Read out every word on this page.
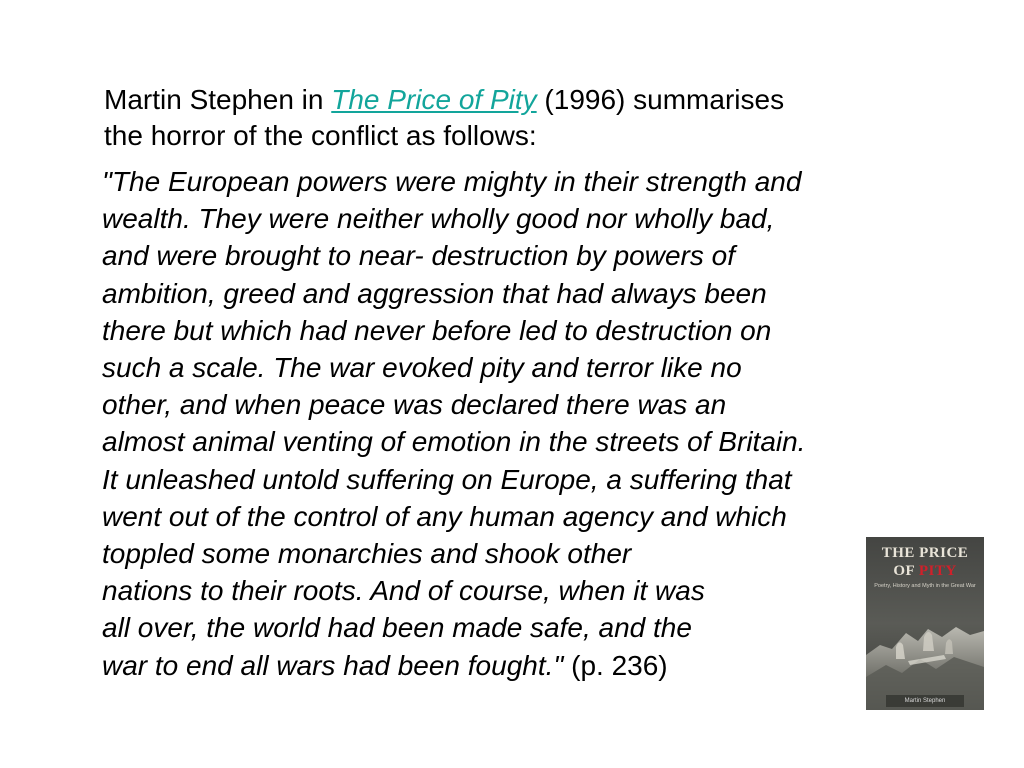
Martin Stephen in The Price of Pity (1996) summarises
the horror of the conflict as follows:

"The European powers were mighty in their strength and
wealth. They were neither wholly good nor wholly bad,
and were brought to near- destruction by powers of
ambition, greed and aggression that had always been
there but which had never before led to destruction on
such a scale. The war evoked pity and terror like no
other, and when peace was declared there was an
almost animal venting of emotion in the streets of Britain.
It unleashed untold suffering on Europe, a suffering that
went out of the control of any human agency and which
toppled some monarchies and shook other
nations to their roots. And of course, when it was
all over, the world had been made safe, and the
war to end all wars had been fought." (p. 236)

THE PRICE
OF PITY
Poetry, History and Myth in the Great War
Martin Stephen
